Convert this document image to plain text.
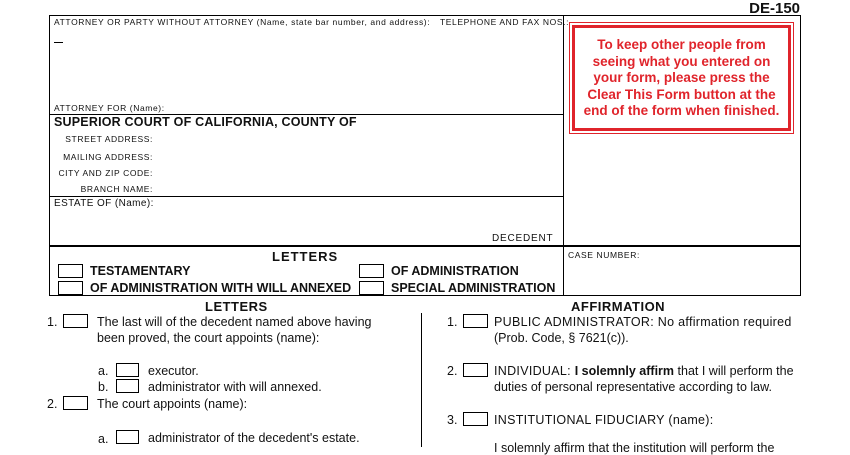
DE-150
ATTORNEY OR PARTY WITHOUT ATTORNEY (Name, state bar number, and address): TELEPHONE AND FAX NOS.:
ATTORNEY FOR (Name):
SUPERIOR COURT OF CALIFORNIA, COUNTY OF
STREET ADDRESS:
MAILING ADDRESS:
CITY AND ZIP CODE:
BRANCH NAME:
ESTATE OF (Name):
DECEDENT
To keep other people from seeing what you entered on your form, please press the Clear This Form button at the end of the form when finished.
LETTERS
TESTAMENTARY	OF ADMINISTRATION
OF ADMINISTRATION WITH WILL ANNEXED	SPECIAL ADMINISTRATION
CASE NUMBER:
LETTERS
1.	The last will of the decedent named above having
been proved, the court appoints (name):
a.	executor.
b.	administrator with will annexed.
2.	The court appoints (name):
a.	administrator of the decedent's estate.
AFFIRMATION
1.	PUBLIC ADMINISTRATOR: No affirmation required
(Prob. Code, § 7621(c)).
2.	INDIVIDUAL: I solemnly affirm that I will perform the
duties of personal representative according to law.
3.	INSTITUTIONAL FIDUCIARY (name):
I solemnly affirm that the institution will perform the
